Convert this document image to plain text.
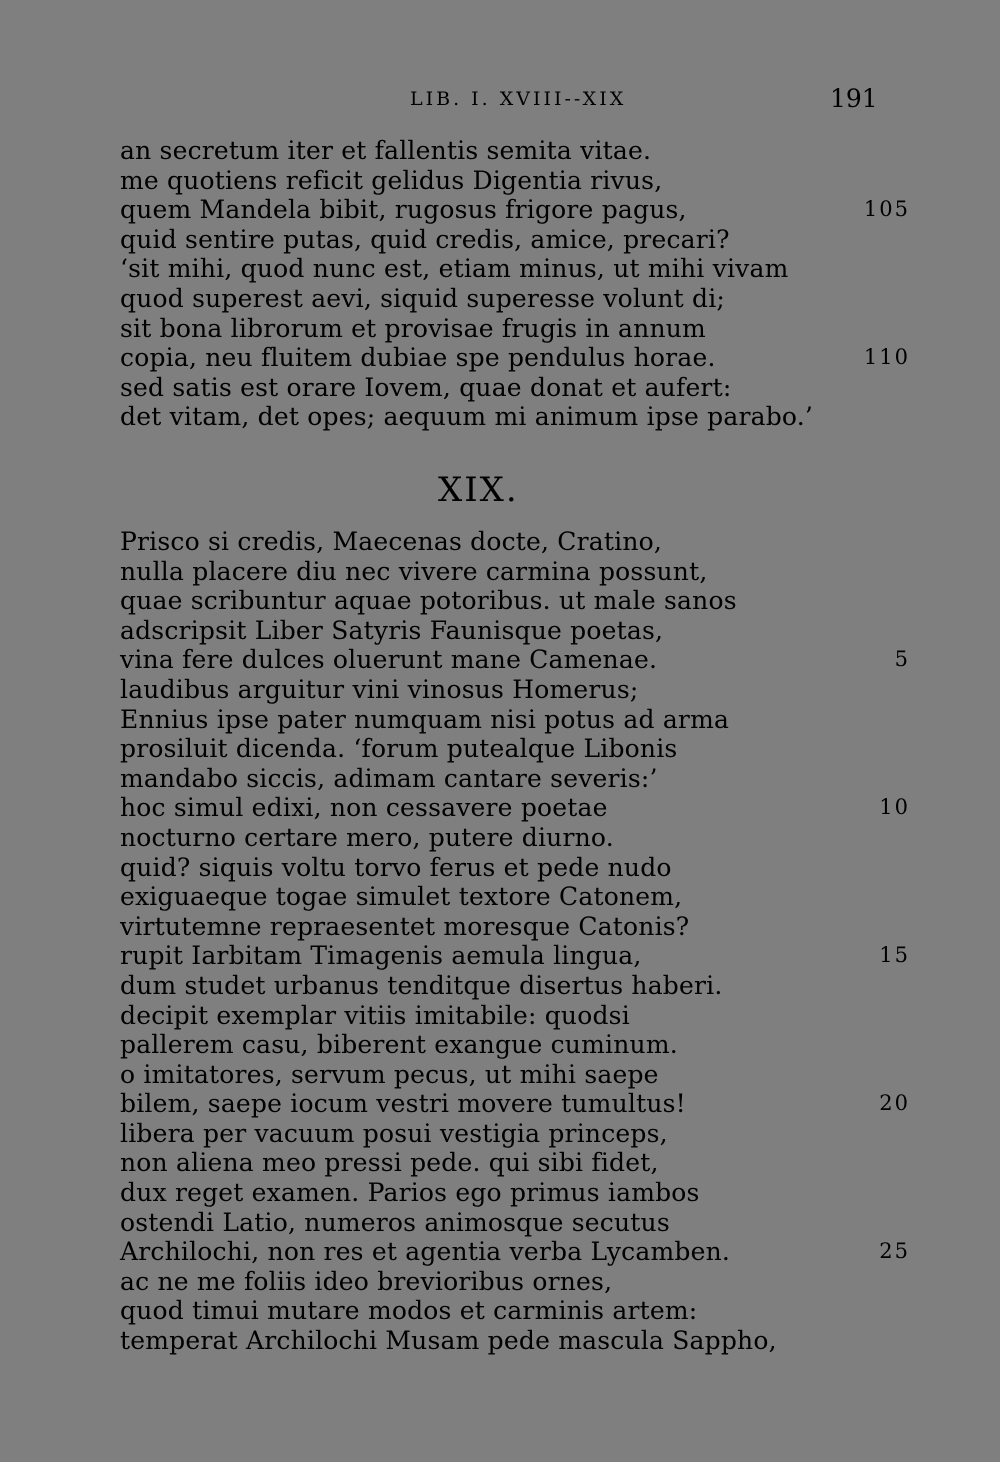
LIB. I. XVIII--XIX	191
an secretum iter et fallentis semita vitae.
me quotiens reficit gelidus Digentia rivus,
quem Mandela bibit, rugosus frigore pagus,	105
quid sentire putas, quid credis, amice, precari?
‘sit mihi, quod nunc est, etiam minus, ut mihi vivam
quod superest aevi, siquid superesse volunt di;
sit bona librorum et provisae frugis in annum
copia, neu fluitem dubiae spe pendulus horae.	110
sed satis est orare Iovem, quae donat et aufert:
det vitam, det opes; aequum mi animum ipse parabo.’
XIX.
Prisco si credis, Maecenas docte, Cratino,
nulla placere diu nec vivere carmina possunt,
quae scribuntur aquae potoribus. ut male sanos
adscripsit Liber Satyris Faunisque poetas,
vina fere dulces oluerunt mane Camenae.	5
laudibus arguitur vini vinosus Homerus;
Ennius ipse pater numquam nisi potus ad arma
prosiluit dicenda. ‘forum putealque Libonis
mandabo siccis, adimam cantare severis:’
hoc simul edixi, non cessavere poetae	10
nocturno certare mero, putere diurno.
quid? siquis voltu torvo ferus et pede nudo
exiguaeque togae simulet textore Catonem,
virtutemne repraesentet moresque Catonis?
rupit Iarbitam Timagenis aemula lingua,	15
dum studet urbanus tenditque disertus haberi.
decipit exemplar vitiis imitabile: quodsi
pallerem casu, biberent exangue cuminum.
o imitatores, servum pecus, ut mihi saepe
bilem, saepe iocum vestri movere tumultus!	20
libera per vacuum posui vestigia princeps,
non aliena meo pressi pede. qui sibi fidet,
dux reget examen. Parios ego primus iambos
ostendi Latio, numeros animosque secutus
Archilochi, non res et agentia verba Lycamben.	25
ac ne me foliis ideo brevioribus ornes,
quod timui mutare modos et carminis artem:
temperat Archilochi Musam pede mascula Sappho,
